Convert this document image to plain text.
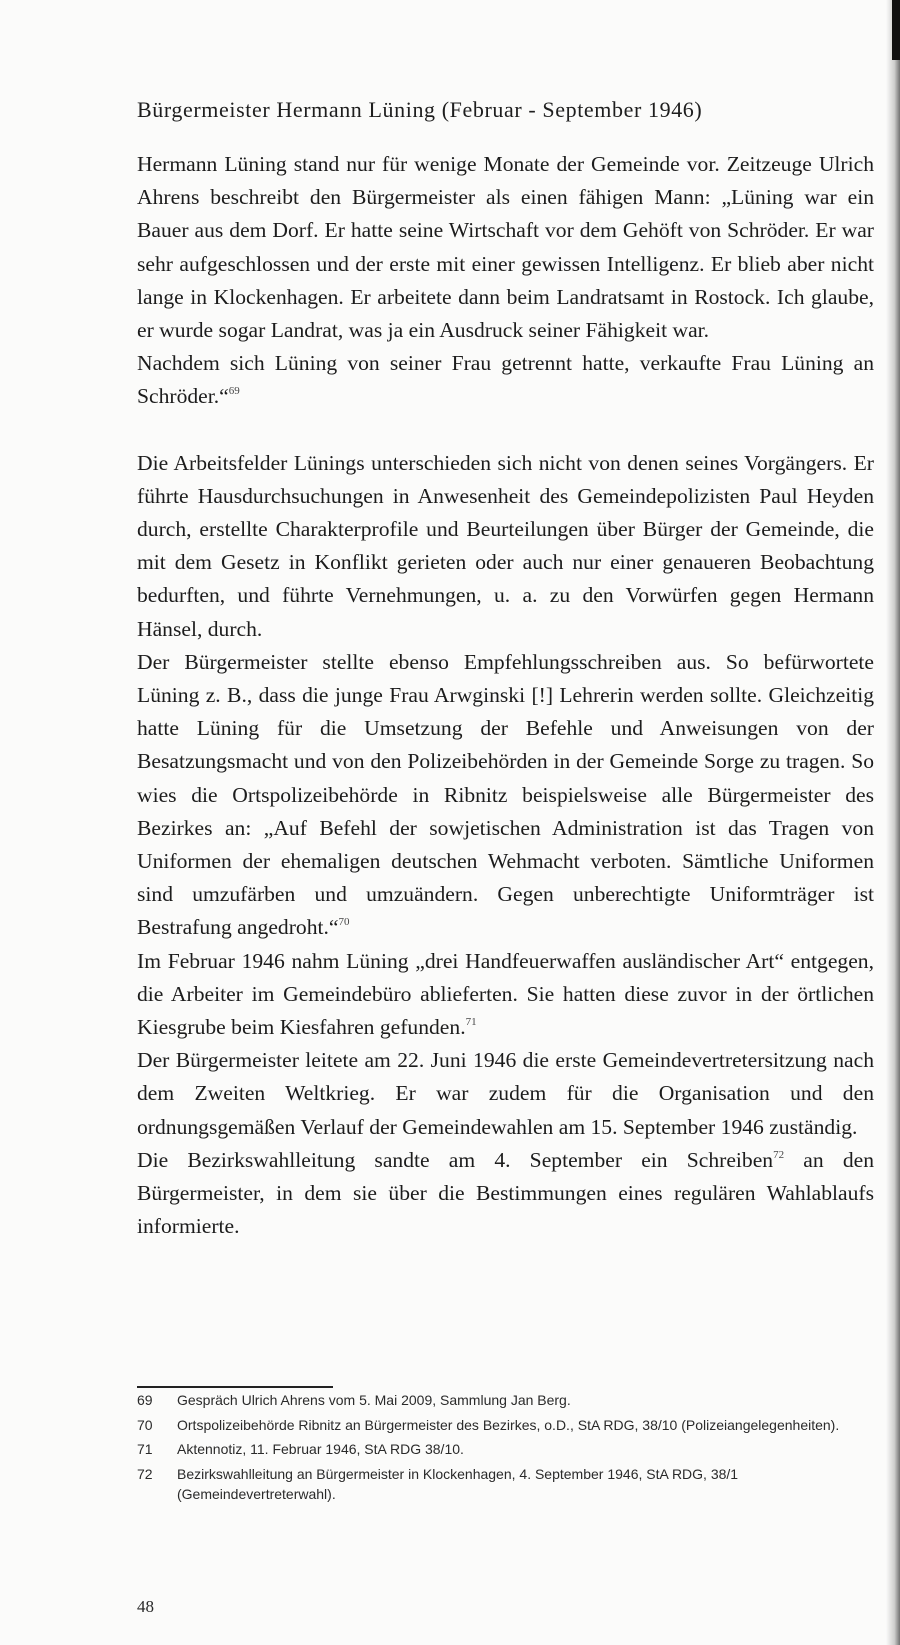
Bürgermeister Hermann Lüning (Februar - September 1946)

Hermann Lüning stand nur für wenige Monate der Gemeinde vor. Zeitzeuge Ulrich Ahrens beschreibt den Bürgermeister als einen fähigen Mann: „Lüning war ein Bauer aus dem Dorf. Er hatte seine Wirtschaft vor dem Gehöft von Schröder. Er war sehr aufgeschlossen und der erste mit einer gewissen Intelligenz. Er blieb aber nicht lange in Klockenhagen. Er arbeitete dann beim Landratsamt in Rostock. Ich glaube, er wurde sogar Landrat, was ja ein Ausdruck seiner Fähigkeit war.

Nachdem sich Lüning von seiner Frau getrennt hatte, verkaufte Frau Lüning an Schröder.“$^{69}$

Die Arbeitsfelder Lünings unterschieden sich nicht von denen seines Vorgängers. Er führte Hausdurchsuchungen in Anwesenheit des Gemeindepolizisten Paul Heyden durch, erstellte Charakterprofile und Beurteilungen über Bürger der Gemeinde, die mit dem Gesetz in Konflikt gerieten oder auch nur einer genaueren Beobachtung bedurften, und führte Vernehmungen, u. a. zu den Vorwürfen gegen Hermann Hänsel, durch.

Der Bürgermeister stellte ebenso Empfehlungsschreiben aus. So befürwortete Lüning z. B., dass die junge Frau Arwginski [!] Lehrerin werden sollte. Gleichzeitig hatte Lüning für die Umsetzung der Befehle und Anweisungen von der Besatzungsmacht und von den Polizeibehörden in der Gemeinde Sorge zu tragen. So wies die Ortspolizeibehörde in Ribnitz beispielsweise alle Bürgermeister des Bezirkes an: „Auf Befehl der sowjetischen Administration ist das Tragen von Uniformen der ehemaligen deutschen Wehmacht verboten. Sämtliche Uniformen sind umzufärben und umzuändern. Gegen unberechtigte Uniformträger ist Bestrafung angedroht.“$^{70}$

Im Februar 1946 nahm Lüning „drei Handfeuerwaffen ausländischer Art“ entgegen, die Arbeiter im Gemeindebüro ablieferten. Sie hatten diese zuvor in der örtlichen Kiesgrube beim Kiesfahren gefunden.$^{71}$

Der Bürgermeister leitete am 22. Juni 1946 die erste Gemeindevertretersitzung nach dem Zweiten Weltkrieg. Er war zudem für die Organisation und den ordnungsgemäßen Verlauf der Gemeindewahlen am 15. September 1946 zuständig.

Die Bezirkswahlleitung sandte am 4. September ein Schreiben$^{72}$ an den Bürgermeister, in dem sie über die Bestimmungen eines regulären Wahlablaufs informierte.

69	Gespräch Ulrich Ahrens vom 5. Mai 2009, Sammlung Jan Berg.
70	Ortspolizeibehörde Ribnitz an Bürgermeister des Bezirkes, o.D., StA RDG, 38/10 (Polizeiangelegenheiten).
71	Aktennotiz, 11. Februar 1946, StA RDG 38/10.
72	Bezirkswahlleitung an Bürgermeister in Klockenhagen, 4. September 1946, StA RDG, 38/1 (Gemeindevertreterwahl).
48
